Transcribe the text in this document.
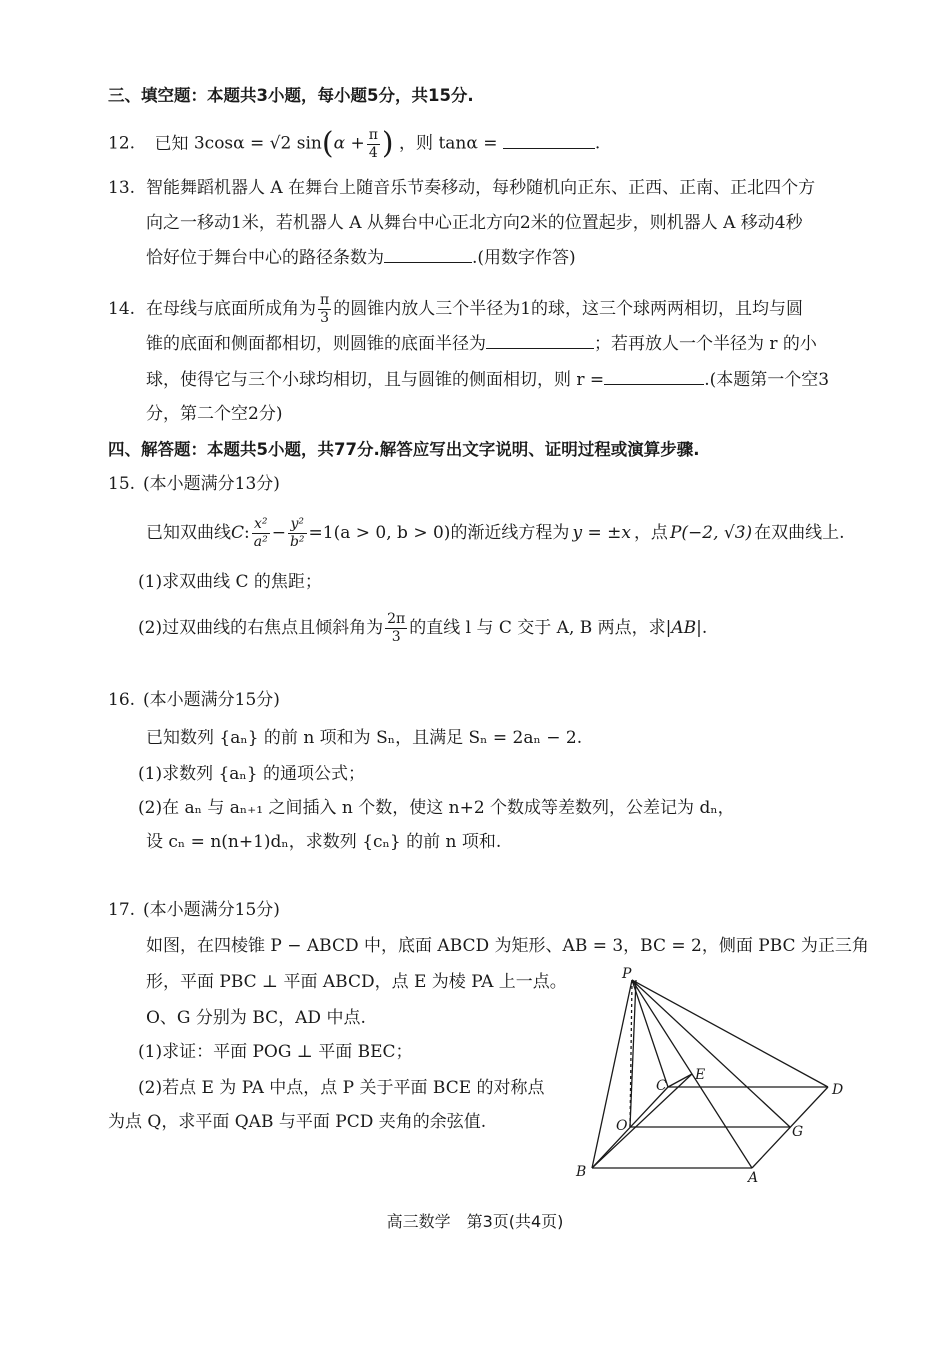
三、填空题：本题共3小题，每小题5分，共15分.
12. 已知 3cosα = √2 $\sin(\alpha + \frac{\pi}{4}$ ) ，则 tanα =	.
13. 智能舞蹈机器人 A 在舞台上随音乐节奏移动，每秒随机向正东、正西、正南、正北四个方
向之一移动1米，若机器人 A 从舞台中心正北方向2米的位置起步，则机器人 A 移动4秒
恰好位于舞台中心的路径条数为	.(用数字作答)
14. 在母线与底面所成角为 $\frac{\pi}{3}$ 的圆锥内放人三个半径为1的球，这三个球两两相切，且均与圆
锥的底面和侧面都相切，则圆锥的底面半径为	；若再放人一个半径为 r 的小
球，使得它与三个小球均相切，且与圆锥的侧面相切，则 r =	.(本题第一个空3
分，第二个空2分)
四、解答题：本题共5小题，共77分.解答应写出文字说明、证明过程或演算步骤.
15. (本小题满分13分)
已知双曲线C: $\frac{\text{x²}}{\text{a²}} - \frac{\text{y²}}{\text{b²}} =1(a > 0$, b > 0)的渐近线方程为 y = ±x ，点 P(−2, √3) 在双曲线上.
(1)求双曲线 C 的焦距；
(2)过双曲线的右焦点且倾斜角为 $\frac{2\pi}{3}$ 的直线 l 与 C 交于 A, B 两点，求|AB|.
16. (本小题满分15分)
已知数列 {aₙ} 的前 n 项和为 Sₙ，且满足 Sₙ = 2aₙ − 2.
(1)求数列 {aₙ} 的通项公式；
(2)在 aₙ 与 aₙ₊₁ 之间插入 n 个数，使这 n+2 个数成等差数列，公差记为 dₙ，
设 cₙ = n(n+1)dₙ，求数列 {cₙ} 的前 n 项和.
17. (本小题满分15分)
如图，在四棱锥 P − ABCD 中，底面 ABCD 为矩形、AB = 3，BC = 2，侧面 PBC 为正三角
形，平面 PBC ⊥ 平面 ABCD，点 E 为棱 PA 上一点。
O、G 分别为 BC，AD 中点.
(1)求证：平面 POG ⊥ 平面 BEC；
(2)若点 E 为 PA 中点，点 P 关于平面 BCE 的对称点
为点 Q，求平面 QAB 与平面 PCD 夹角的余弦值.
P
C
E
D
O	G
B	A
高三数学　第3页(共4页)
